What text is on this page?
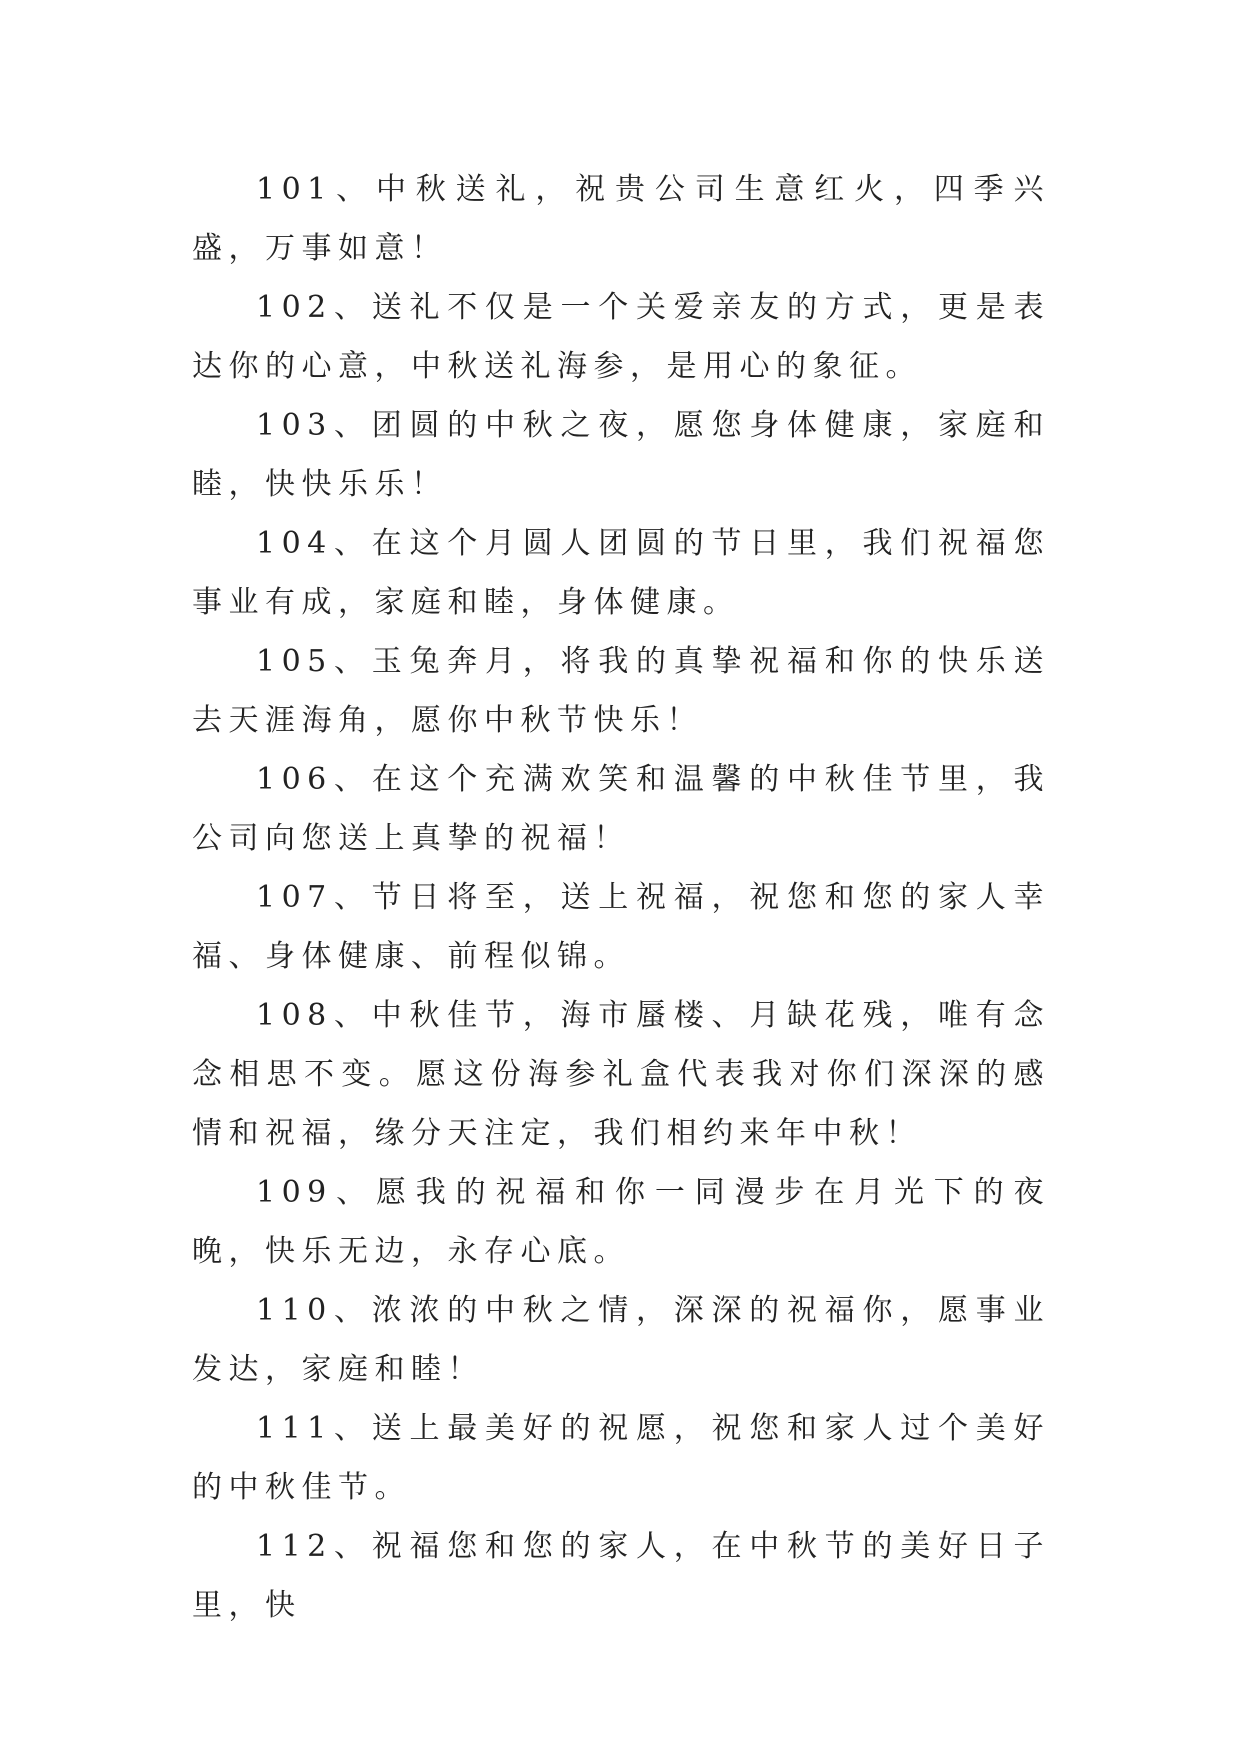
101、中秋送礼，祝贵公司生意红火，四季兴盛，万事如意！

102、送礼不仅是一个关爱亲友的方式，更是表达你的心意，中秋送礼海参，是用心的象征。

103、团圆的中秋之夜，愿您身体健康，家庭和睦，快快乐乐！

104、在这个月圆人团圆的节日里，我们祝福您事业有成，家庭和睦，身体健康。

105、玉兔奔月，将我的真挚祝福和你的快乐送去天涯海角，愿你中秋节快乐！

106、在这个充满欢笑和温馨的中秋佳节里，我公司向您送上真挚的祝福！

107、节日将至，送上祝福，祝您和您的家人幸福、身体健康、前程似锦。

108、中秋佳节，海市蜃楼、月缺花残，唯有念念相思不变。愿这份海参礼盒代表我对你们深深的感情和祝福，缘分天注定，我们相约来年中秋！

109、愿我的祝福和你一同漫步在月光下的夜晚，快乐无边，永存心底。

110、浓浓的中秋之情，深深的祝福你，愿事业发达，家庭和睦！

111、送上最美好的祝愿，祝您和家人过个美好的中秋佳节。

112、祝福您和您的家人，在中秋节的美好日子里，快
